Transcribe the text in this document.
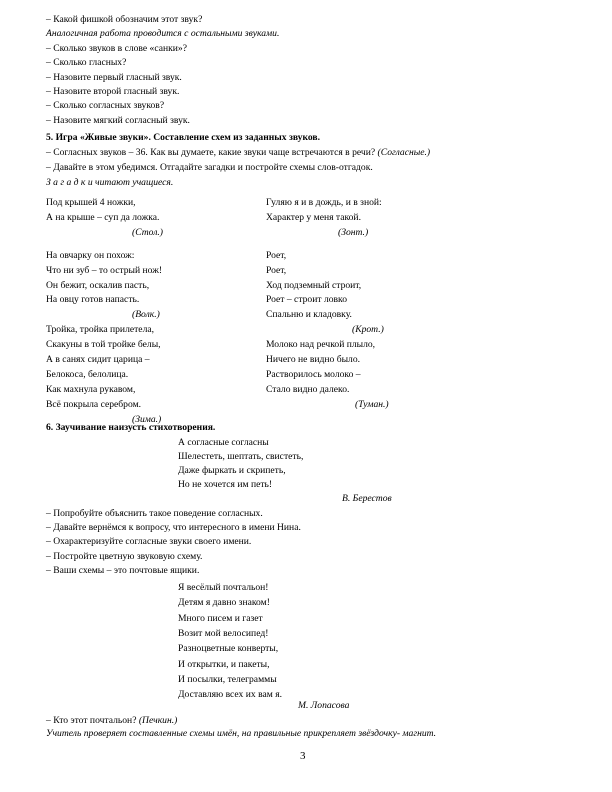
– Какой фишкой обозначим этот звук?
Аналогичная работа проводится с остальными звуками.
– Сколько звуков в слове «санки»?
– Сколько гласных?
– Назовите первый гласный звук.
– Назовите второй гласный звук.
– Сколько согласных звуков?
– Назовите мягкий согласный звук.
5. Игра «Живые звуки». Составление схем из заданных звуков.
– Согласных звуков – 36. Как вы думаете, какие звуки чаще встречаются в речи? (Согласные.)
– Давайте в этом убедимся. Отгадайте загадки и постройте схемы слов-отгадок.
З а г а д к и читают учащиеся.
Под крышей 4 ножки,
А на крыше – суп да ложка.
(Стол.)
На овчарку он похож:
Что ни зуб – то острый нож!
Он бежит, оскалив пасть,
На овцу готов напасть.
(Волк.)
Тройка, тройка прилетела,
Скакуны в той тройке белы,
А в санях сидит царица –
Белокоса, белолица.
Как махнула рукавом,
Всё покрыла серебром.
(Зима.)
Гуляю я и в дождь, и в зной:
Характер у меня такой.
(Зонт.)
Роет,
Роет,
Ход подземный строит,
Роет – строит ловко
Спальню и кладовку.
(Крот.)
Молоко над речкой плыло,
Ничего не видно было.
Растворилось молоко –
Стало видно далеко.
(Туман.)
6. Заучивание наизусть стихотворения.
А согласные согласны
Шелестеть, шептать, свистеть,
Даже фыркать и скрипеть,
Но не хочется им петь!
В. Берестов
– Попробуйте объяснить такое поведение согласных.
– Давайте вернёмся к вопросу, что интересного в имени Нина.
– Охарактеризуйте согласные звуки своего имени.
– Постройте цветную звуковую схему.
– Ваши схемы – это почтовые ящики.
Я весёлый почтальон!
Детям я давно знаком!
Много писем и газет
Возит мой велосипед!
Разноцветные конверты,
И открытки, и пакеты,
И посылки, телеграммы
Доставляю всех их вам я.
М. Лопасова
– Кто этот почтальон? (Печкин.)
Учитель проверяет составленные схемы имён, на правильные прикрепляет звёздочку- магнит.
3
